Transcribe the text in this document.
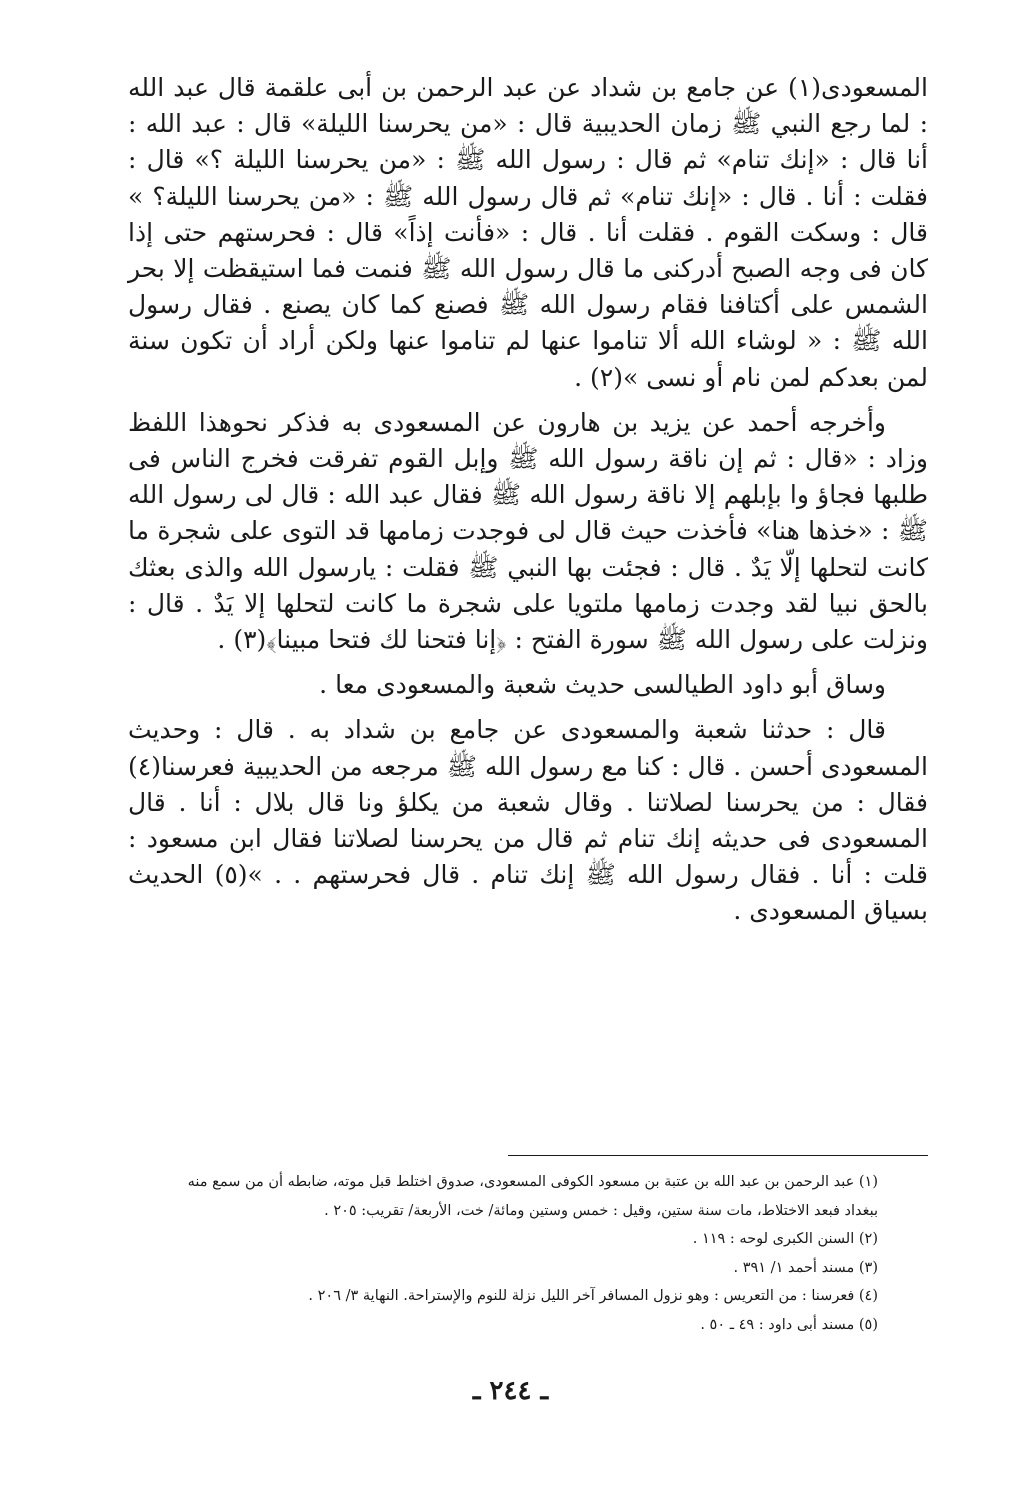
المسعودى(١) عن جامع بن شداد عن عبد الرحمن بن أبى علقمة قال عبد الله : لما رجع النبي ﷺ زمان الحديبية قال : «من يحرسنا الليلة» قال : عبد الله : أنا قال : «إنك تنام» ثم قال : رسول الله ﷺ : «من يحرسنا الليلة ؟» قال : فقلت : أنا . قال : «إنك تنام» ثم قال رسول الله ﷺ : «من يحرسنا الليلة؟ » قال : وسكت القوم . فقلت أنا . قال : «فأنت إذاً» قال : فحرستهم حتى إذا كان فى وجه الصبح أدركنى ما قال رسول الله ﷺ فنمت فما استيقظت إلا بحر الشمس على أكتافنا فقام رسول الله ﷺ فصنع كما كان يصنع . فقال رسول الله ﷺ : « لوشاء الله ألا تناموا عنها لم تناموا عنها ولكن أراد أن تكون سنة لمن بعدكم لمن نام أو نسى »(٢) .

وأخرجه أحمد عن يزيد بن هارون عن المسعودى به فذكر نحوهذا اللفظ وزاد : «قال : ثم إن ناقة رسول الله ﷺ وإبل القوم تفرقت فخرج الناس فى طلبها فجاؤ وا بإبلهم إلا ناقة رسول الله ﷺ فقال عبد الله : قال لى رسول الله ﷺ : «خذها هنا» فأخذت حيث قال لى فوجدت زمامها قد التوى على شجرة ما كانت لتحلها إلّا يَدٌ . قال : فجئت بها النبي ﷺ فقلت : يارسول الله والذى بعثك بالحق نبيا لقد وجدت زمامها ملتويا على شجرة ما كانت لتحلها إلا يَدٌ . قال : ونزلت على رسول الله ﷺ سورة الفتح : ﴿إنا فتحنا لك فتحا مبينا﴾(٣) .

وساق أبو داود الطيالسى حديث شعبة والمسعودى معا .

قال : حدثنا شعبة والمسعودى عن جامع بن شداد به . قال : وحديث المسعودى أحسن . قال : كنا مع رسول الله ﷺ مرجعه من الحديبية فعرسنا(٤) فقال : من يحرسنا لصلاتنا . وقال شعبة من يكلؤ ونا قال بلال : أنا . قال المسعودى فى حديثه إنك تنام ثم قال من يحرسنا لصلاتنا فقال ابن مسعود : قلت : أنا . فقال رسول الله ﷺ إنك تنام . قال فحرستهم . . »(٥) الحديث بسياق المسعودى .

(١) عبد الرحمن بن عبد الله بن عتبة بن مسعود الكوفى المسعودى، صدوق اختلط قبل موته، ضابطه أن من سمع منه

ببغداد فبعد الاختلاط، مات سنة ستين، وقيل : خمس وستين ومائة/ خت، الأربعة/ تقريب: ٢٠٥ .

(٢) السنن الكبرى لوحه : ١١٩ .

(٣) مسند أحمد ١/ ٣٩١ .

(٤) فعرسنا : من التعريس : وهو نزول المسافر آخر الليل نزلة للنوم والإستراحة. النهاية ٣/ ٢٠٦ .

(٥) مسند أبى داود : ٤٩ ـ ٥٠ .

ـ ٢٤٤ ـ
